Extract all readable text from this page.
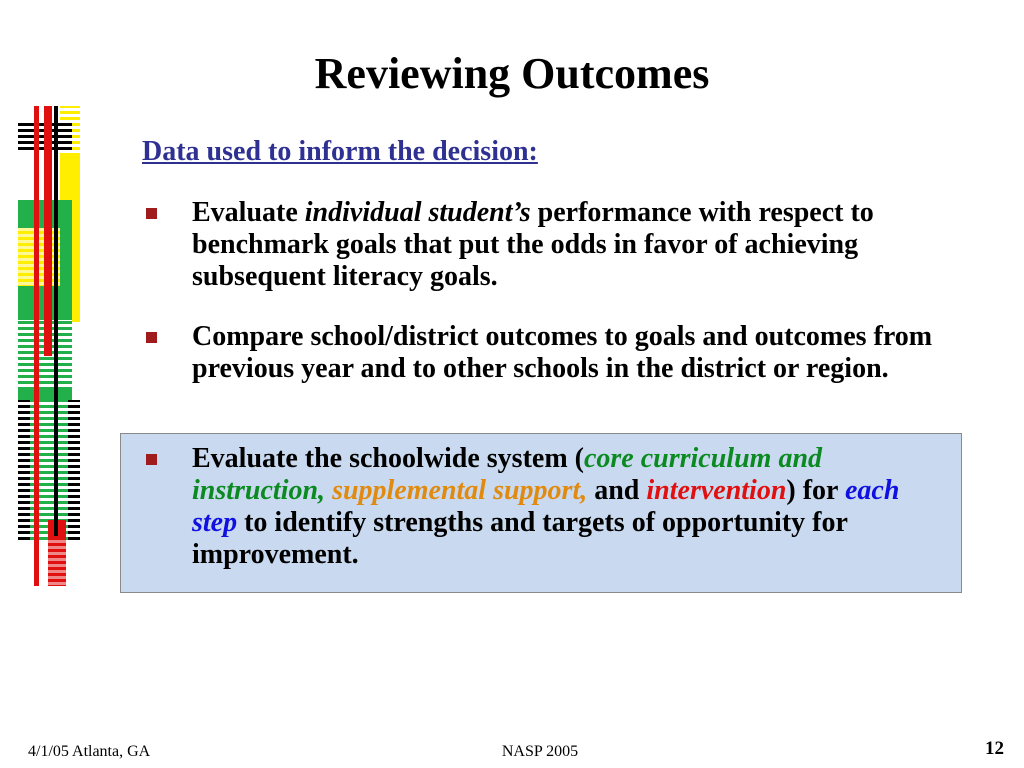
Reviewing Outcomes
Data used to inform the decision:
Evaluate individual student’s performance with respect to benchmark goals that put the odds in favor of achieving subsequent literacy goals.
Compare school/district outcomes to goals and outcomes from previous year and to other schools in the district or region.
Evaluate the schoolwide system (core curriculum and instruction, supplemental support, and intervention) for each step to identify strengths and targets of opportunity for improvement.
4/1/05 Atlanta, GA	NASP 2005	12
